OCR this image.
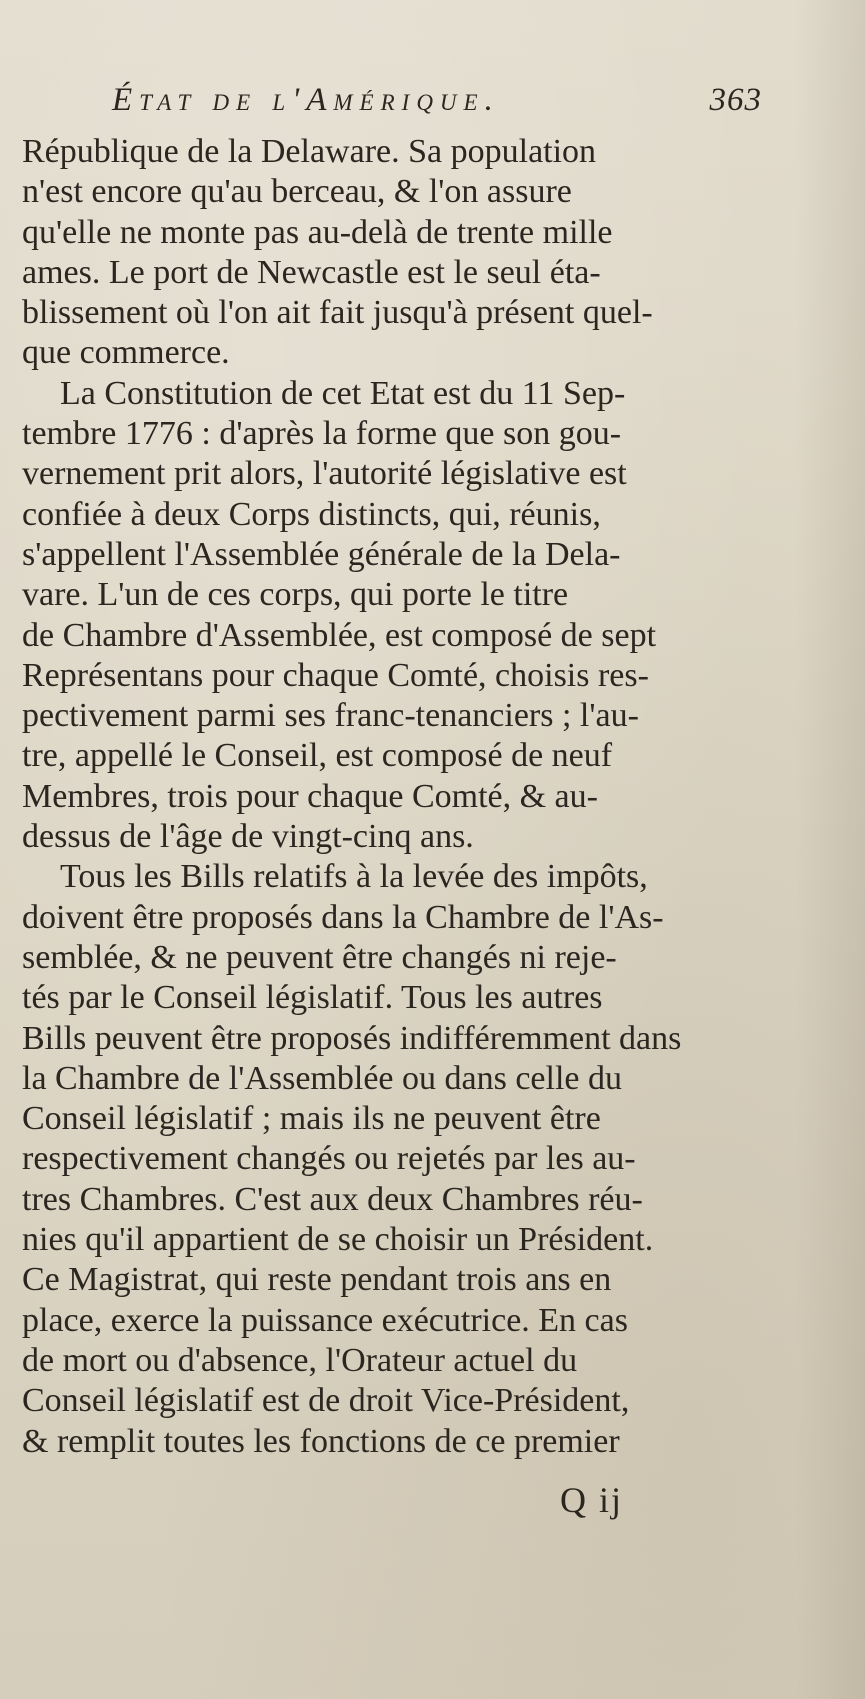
État de l'Amérique.	363
République de la Delaware. Sa population
n'est encore qu'au berceau, & l'on assure
qu'elle ne monte pas au-delà de trente mille
ames. Le port de Newcastle est le seul éta-
blissement où l'on ait fait jusqu'à présent quel-
que commerce.
La Constitution de cet Etat est du 11 Sep-
tembre 1776 : d'après la forme que son gou-
vernement prit alors, l'autorité législative est
confiée à deux Corps distincts, qui, réunis,
s'appellent l'Assemblée générale de la Dela-
vare. L'un de ces corps, qui porte le titre
de Chambre d'Assemblée, est composé de sept
Représentans pour chaque Comté, choisis res-
pectivement parmi ses franc-tenanciers ; l'au-
tre, appellé le Conseil, est composé de neuf
Membres, trois pour chaque Comté, & au-
dessus de l'âge de vingt-cinq ans.
Tous les Bills relatifs à la levée des impôts,
doivent être proposés dans la Chambre de l'As-
semblée, & ne peuvent être changés ni reje-
tés par le Conseil législatif. Tous les autres
Bills peuvent être proposés indifféremment dans
la Chambre de l'Assemblée ou dans celle du
Conseil législatif ; mais ils ne peuvent être
respectivement changés ou rejetés par les au-
tres Chambres. C'est aux deux Chambres réu-
nies qu'il appartient de se choisir un Président.
Ce Magistrat, qui reste pendant trois ans en
place, exerce la puissance exécutrice. En cas
de mort ou d'absence, l'Orateur actuel du
Conseil législatif est de droit Vice-Président,
& remplit toutes les fonctions de ce premier
Q ij
